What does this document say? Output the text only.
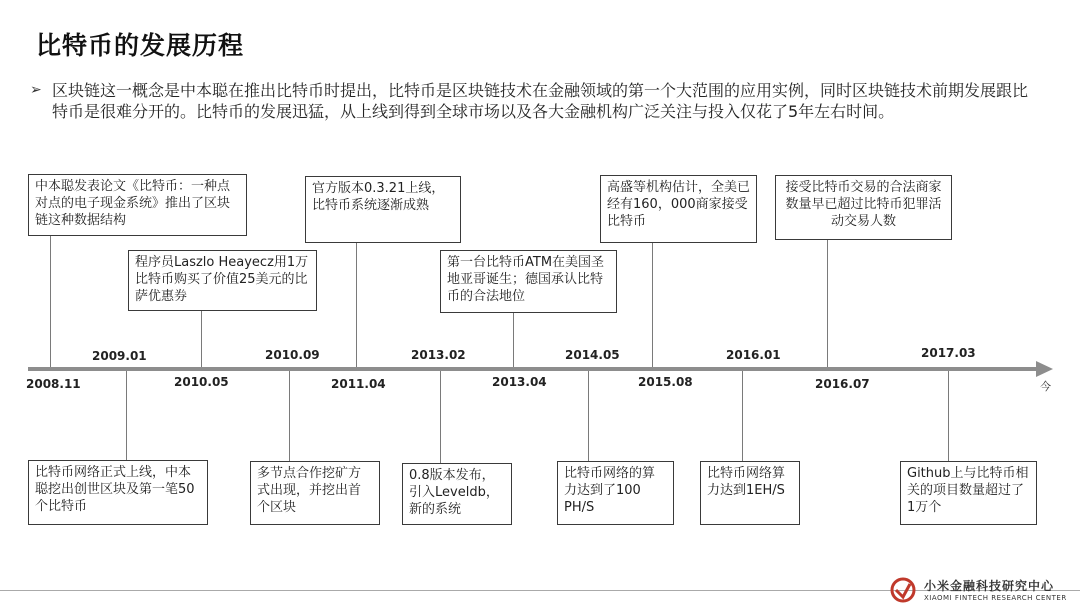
比特币的发展历程
➢ 区块链这一概念是中本聪在推出比特币时提出，比特币是区块链技术在金融领域的第一个大范围的应用实例，同时区块链技术前期发展跟比特币是很难分开的。比特币的发展迅猛，从上线到得到全球市场以及各大金融机构广泛关注与投入仅花了5年左右时间。
今
中本聪发表论文《比特币：一种点对点的电子现金系统》推出了区块链这种数据结构
程序员Laszlo Heayecz用1万比特币购买了价值25美元的比萨优惠券
官方版本0.3.21上线，比特币系统逐渐成熟
第一台比特币ATM在美国圣地亚哥诞生；德国承认比特币的合法地位
高盛等机构估计，全美已经有160，000商家接受比特币
接受比特币交易的合法商家数量早已超过比特币犯罪活动交易人数
比特币网络正式上线，中本聪挖出创世区块及第一笔50个比特币
多节点合作挖矿方式出现，并挖出首个区块
0.8版本发布，引入Leveldb，新的系统
比特币网络的算力达到了100 PH/S
比特币网络算力达到1EH/S
Github上与比特币相关的项目数量超过了1万个
2008.11	2010.05	2011.04	2013.04	2015.08	2016.07
2009.01	2010.09	2013.02	2014.05	2016.01	2017.03
小米金融科技研究中心
XIAOMI FINTECH RESEARCH CENTER
